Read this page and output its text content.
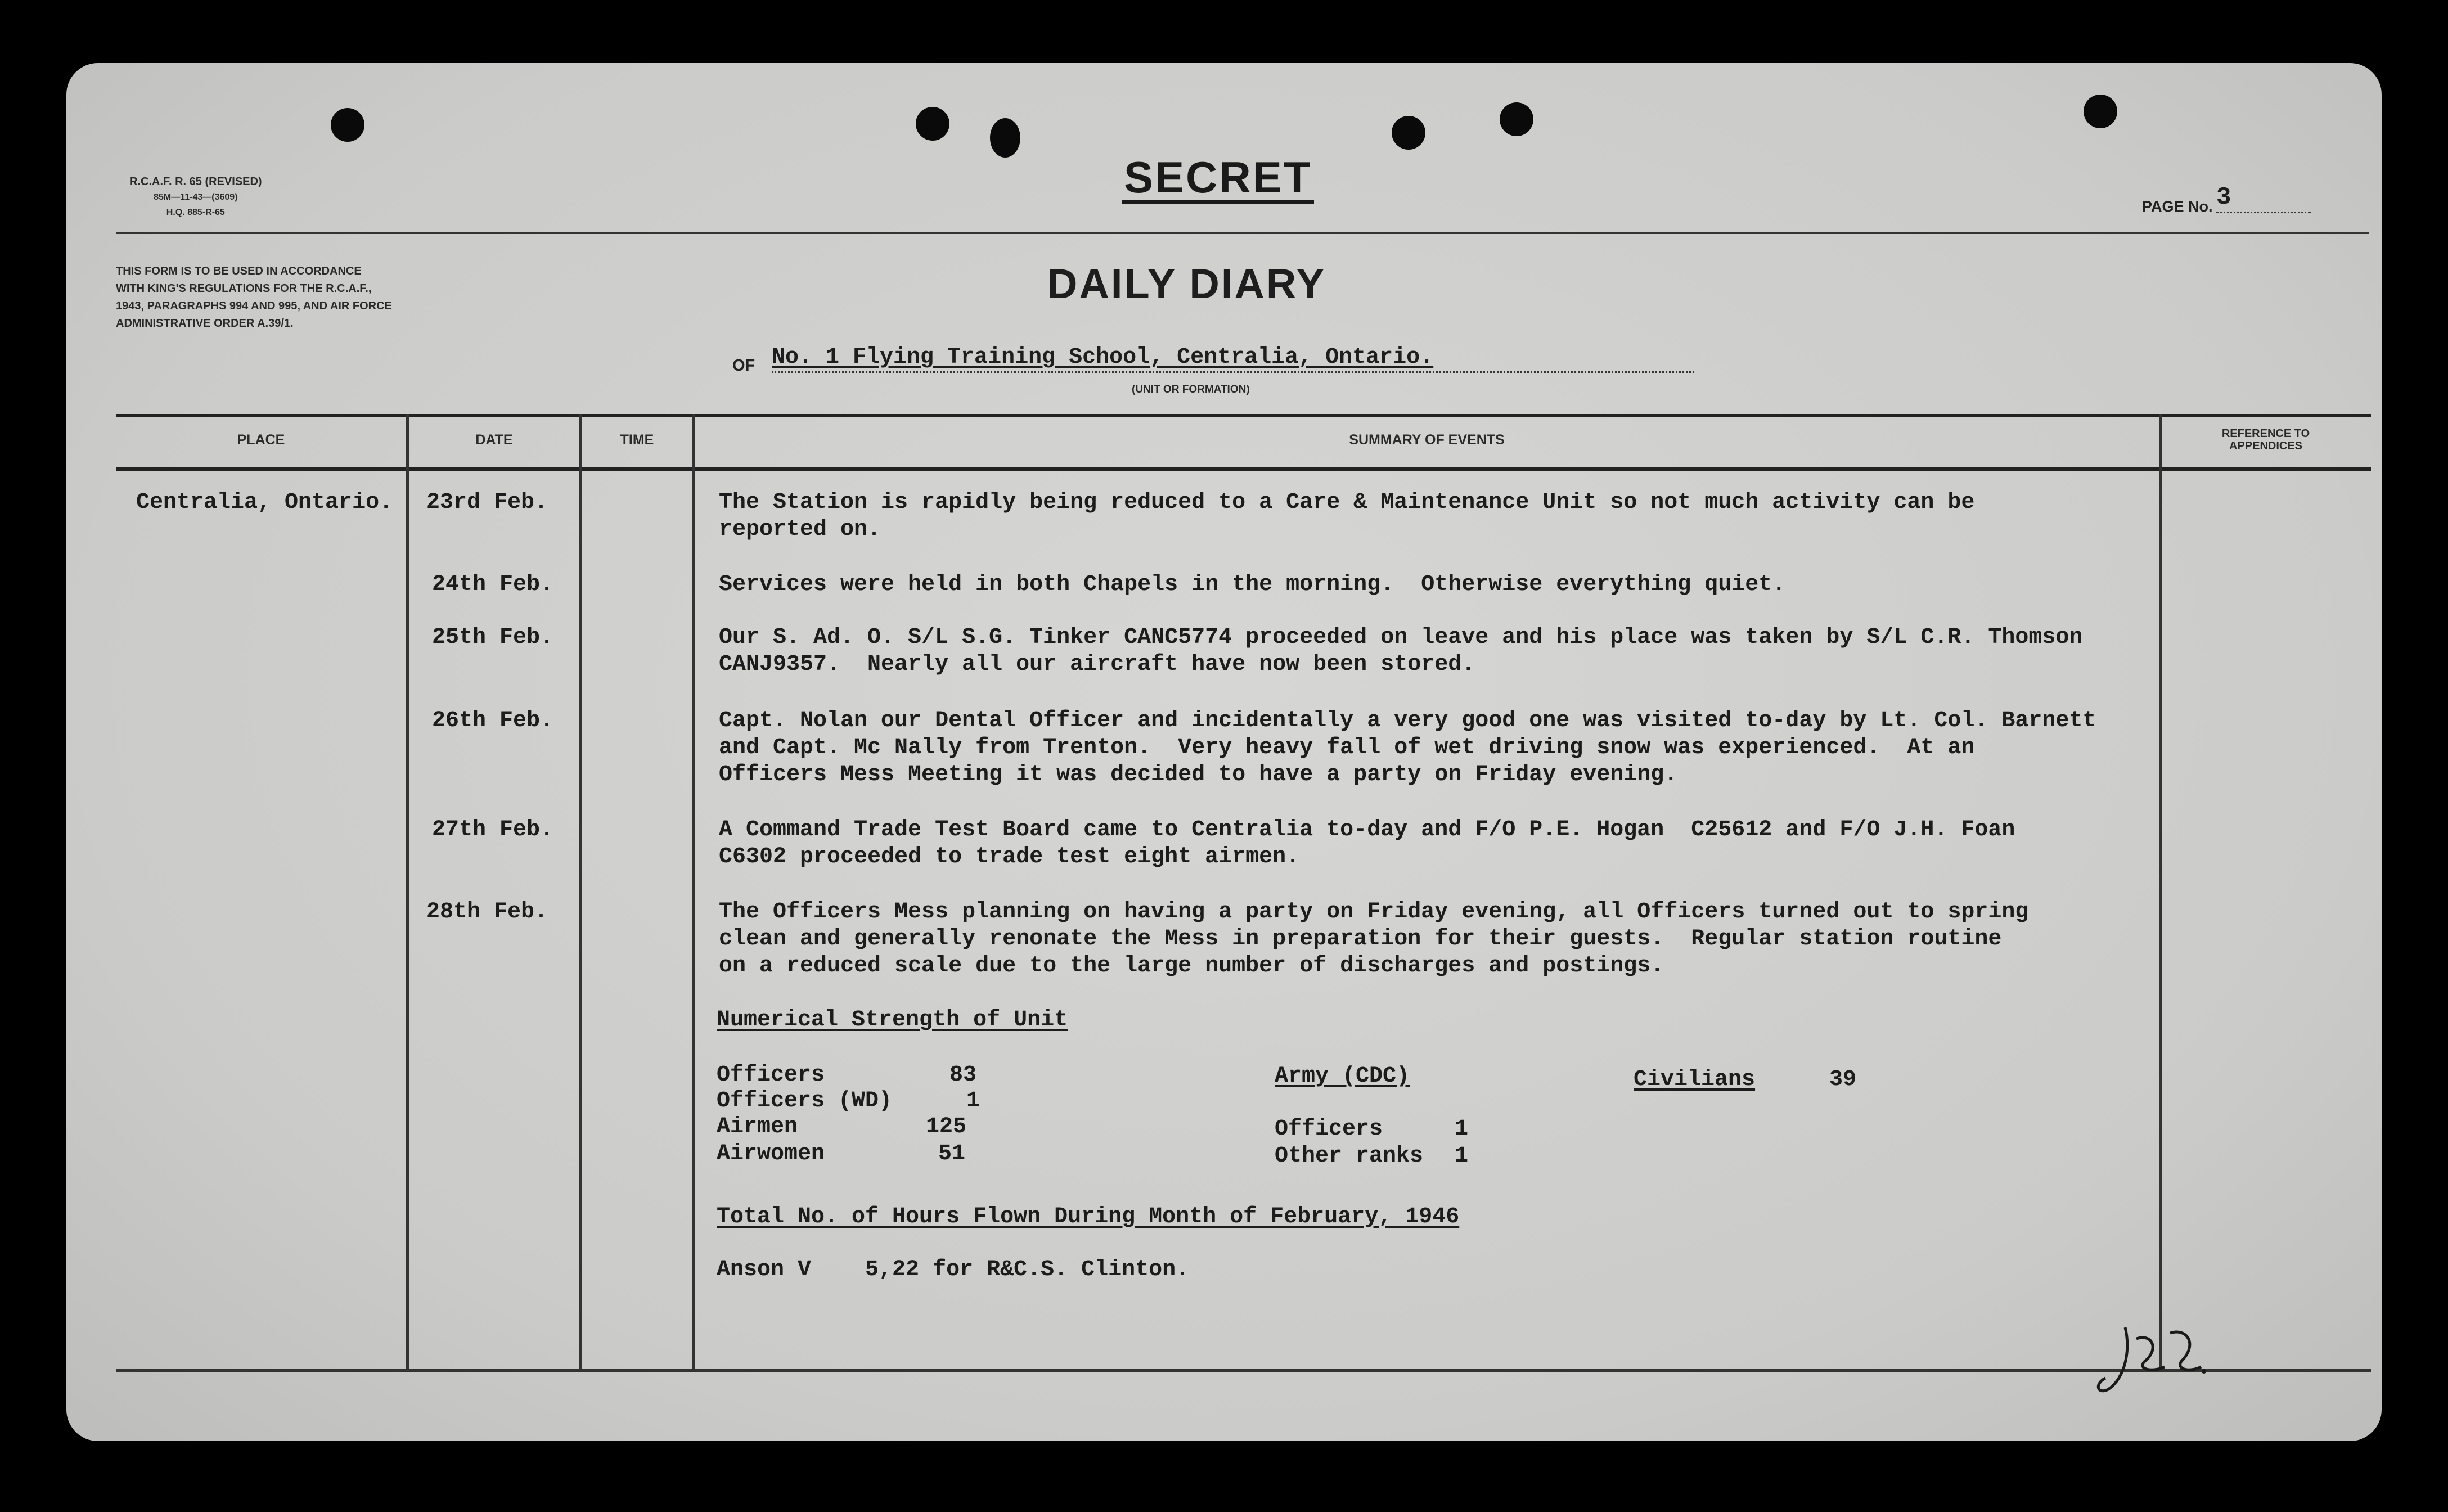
R.C.A.F. R. 65 (REVISED)
85M—11-43—(3609)
H.Q. 885-R-65
THIS FORM IS TO BE USED IN ACCORDANCE
WITH KING'S REGULATIONS FOR THE R.C.A.F.,
1943, PARAGRAPHS 994 AND 995, AND AIR FORCE
ADMINISTRATIVE ORDER A.39/1.
SECRET
PAGE No. 3
DAILY DIARY
OF No. 1 Flying Training School, Centralia, Ontario.
(UNIT OR FORMATION)
PLACE	DATE	TIME	SUMMARY OF EVENTS	REFERENCE TO
APPENDICES
Centralia, Ontario. 23rd Feb.	The Station is rapidly being reduced to a Care & Maintenance Unit so not much activity can be
reported on.
24th Feb.	Services were held in both Chapels in the morning.  Otherwise everything quiet.
25th Feb.	Our S. Ad. O. S/L S.G. Tinker CANC5774 proceeded on leave and his place was taken by S/L C.R. Thomson
CANJ9357.  Nearly all our aircraft have now been stored.
26th Feb.	Capt. Nolan our Dental Officer and incidentally a very good one was visited to-day by Lt. Col. Barnett
and Capt. Mc Nally from Trenton.  Very heavy fall of wet driving snow was experienced.  At an
Officers Mess Meeting it was decided to have a party on Friday evening.
27th Feb.	A Command Trade Test Board came to Centralia to-day and F/O P.E. Hogan  C25612 and F/O J.H. Foan
C6302 proceeded to trade test eight airmen.
28th Feb.	The Officers Mess planning on having a party on Friday evening, all Officers turned out to spring
clean and generally renonate the Mess in preparation for their guests.  Regular station routine
on a reduced scale due to the large number of discharges and postings.
Numerical Strength of Unit
Officers	83
Officers (WD)	1
Airmen	125
Airwomen	51
Army (CDC)
Officers	1
Other ranks 1
Civilians	39
Total No. of Hours Flown During Month of February, 1946
Anson V    5,22 for R&C.S. Clinton.
